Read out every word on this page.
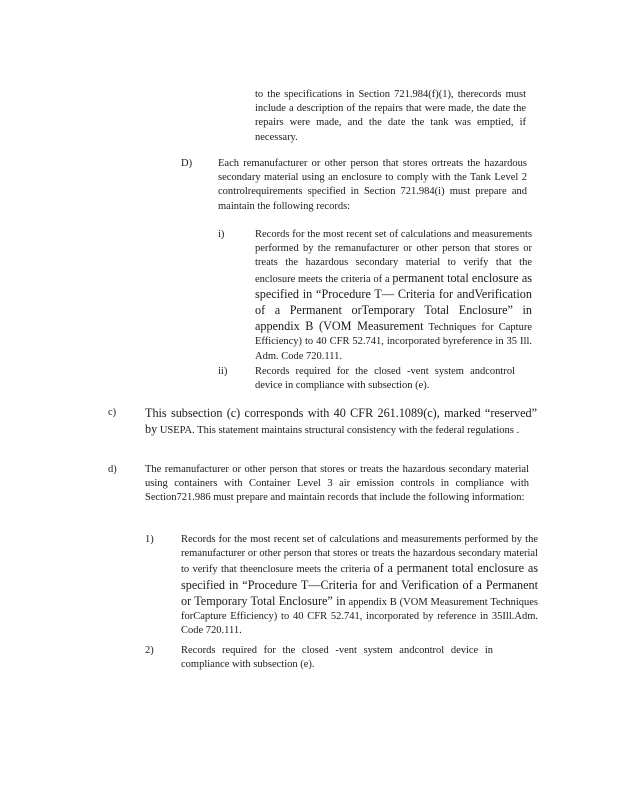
to the specifications in Section 721.984(f)(1), therecords must include a description of the repairs that were made, the date the repairs were made, and the date the tank was emptied, if necessary.
D) Each remanufacturer or other person that stores ortreats the hazardous secondary material using an enclosure to comply with the Tank Level 2 controlrequirements specified in Section 721.984(i) must prepare and maintain the following records:
i)	Records for the most recent set of calculations and measurements performed by the remanufacturer or other person that stores or treats the hazardous secondary material to verify that the enclosure meets the criteria of a permanent total enclosure as specified in “Procedure T— Criteria for andVerification of a Permanent orTemporary Total Enclosure” in appendix B (VOM Measurement Techniques for Capture Efficiency) to 40 CFR 52.741, incorporated byreference in 35 Ill. Adm. Code 720.111.
ii)	Records required for the closed -vent system andcontrol device in compliance with subsection (e).
c) This subsection (c) corresponds with 40 CFR 261.1089(c), marked “reserved” by USEPA. This statement maintains structural consistency with the federal regulations .
d)	The remanufacturer or other person that stores or treats the hazardous secondary material using containers with Container Level 3 air emission controls in compliance with Section721.986 must prepare and maintain records that include the following information:
1)	Records for the most recent set of calculations and measurements performed by the remanufacturer or other person that stores or treats the hazardous secondary material to verify that theenclosure meets the criteria of a permanent total enclosure as specified in “Procedure T—Criteria for and Verification of a Permanent or Temporary Total Enclosure” in appendix B (VOM Measurement Techniques forCapture Efficiency) to 40 CFR 52.741, incorporated by reference in 35Ill.Adm. Code 720.111.
2)	Records required for the closed -vent system andcontrol device in compliance with subsection (e).
